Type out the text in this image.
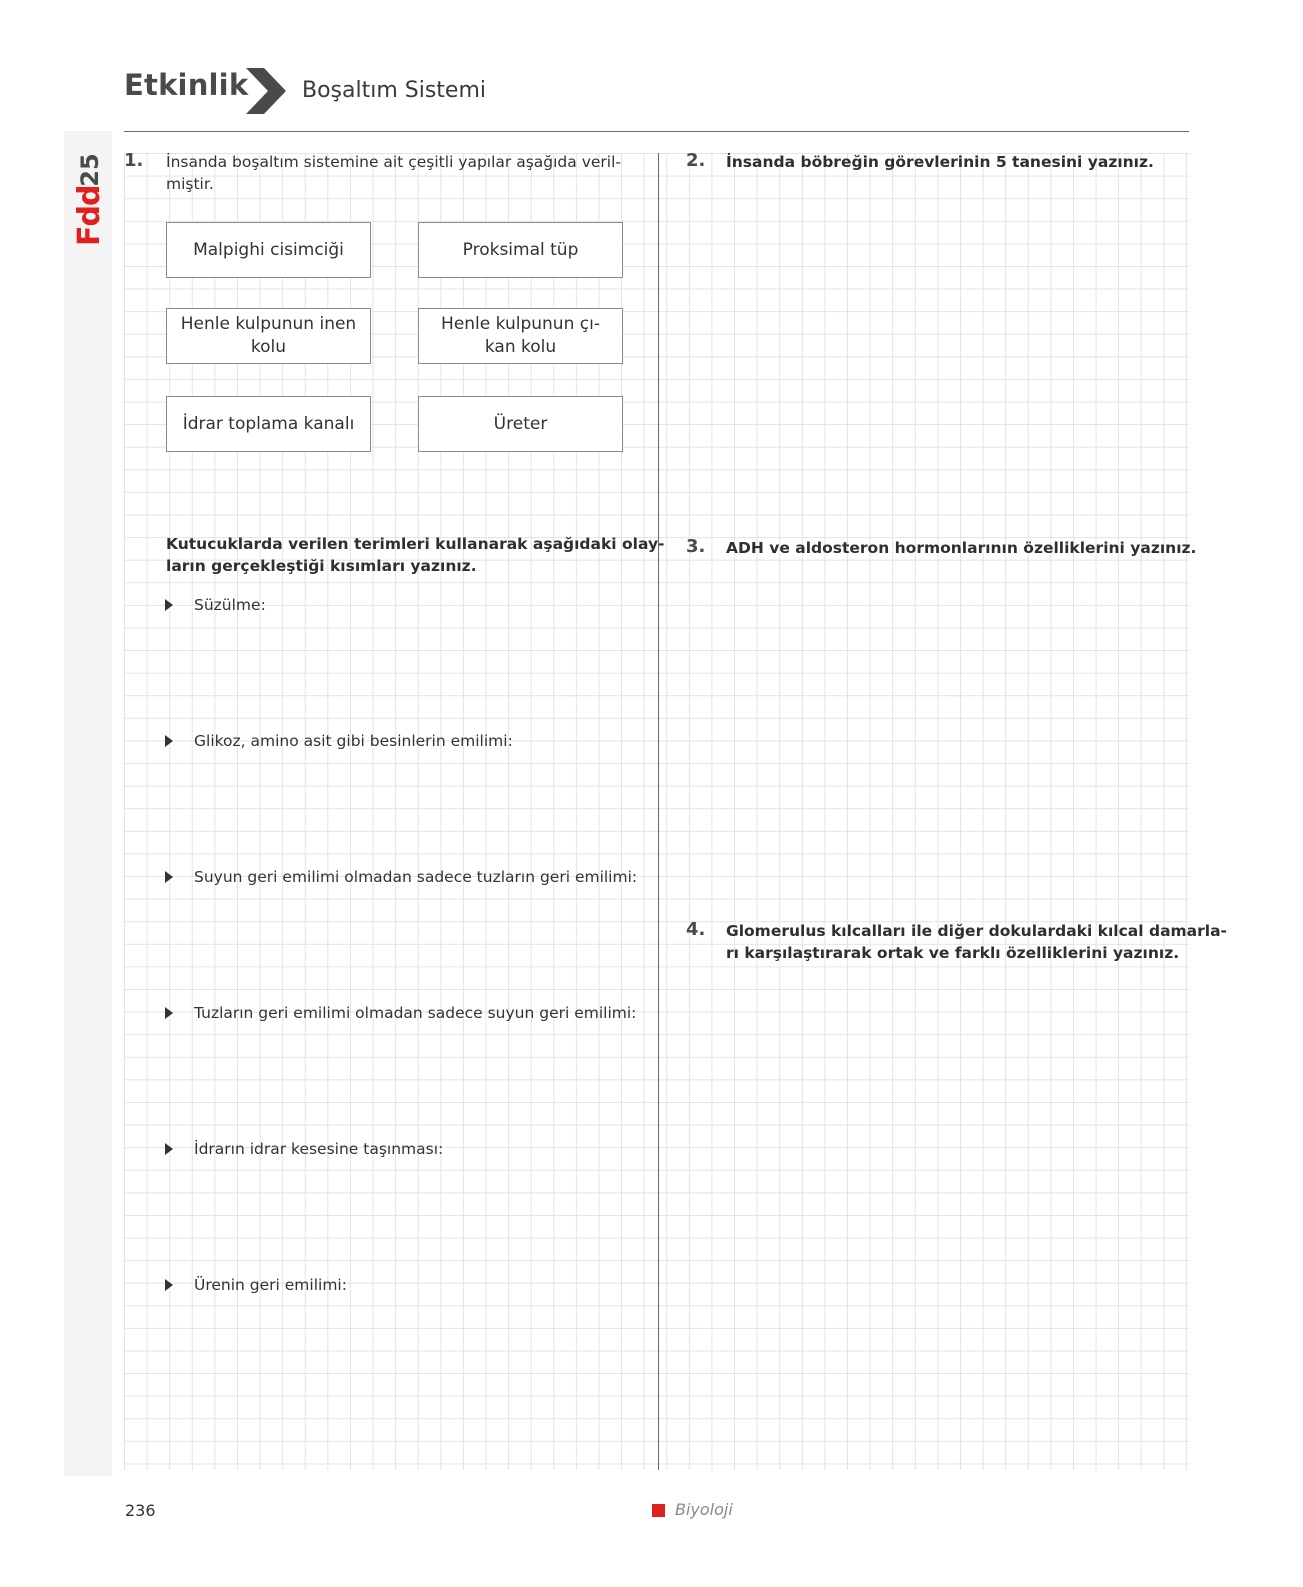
Etkinlik Boşaltım Sistemi
25
Fdd
1. İnsanda boşaltım sistemine ait çeşitli yapılar aşağıda veril-
miştir.
Malpighi cisimciği	Proksimal tüp
Henle kulpunun inen kolu
Henle kulpunun çı- kan kolu
İdrar toplama kanalı	Üreter
Kutucuklarda verilen terimleri kullanarak aşağıdaki olay-
ların gerçekleştiği kısımları yazınız.
Süzülme:
Glikoz, amino asit gibi besinlerin emilimi:
Suyun geri emilimi olmadan sadece tuzların geri emilimi:
Tuzların geri emilimi olmadan sadece suyun geri emilimi:
İdrarın idrar kesesine taşınması:
Ürenin geri emilimi:
2. İnsanda böbreğin görevlerinin 5 tanesini yazınız.
3. ADH ve aldosteron hormonlarının özelliklerini yazınız.
4. Glomerulus kılcalları ile diğer dokulardaki kılcal damarla-
rı karşılaştırarak ortak ve farklı özelliklerini yazınız.
236	Biyoloji
